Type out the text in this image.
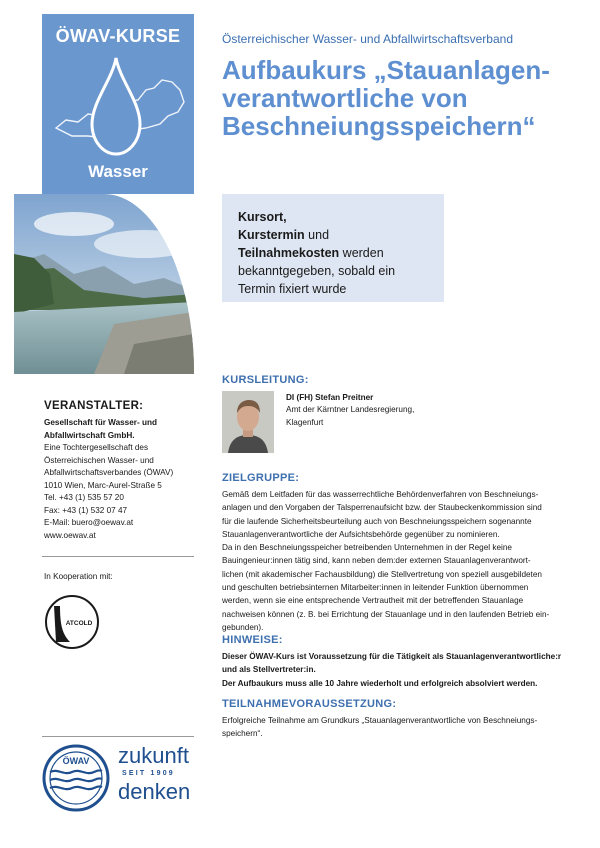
ÖWAV-KURSE
Wasser
Österreichischer Wasser- und Abfallwirtschaftsverband
Aufbaukurs „Stauanlagen-
verantwortliche von
Beschneiungsspeichern“
Kursort,
Kurstermin und
Teilnahmekosten werden
bekanntgegeben, sobald ein
Termin fixiert wurde
KURSLEITUNG:
DI (FH) Stefan Preitner
Amt der Kärntner Landesregierung,
Klagenfurt
ZIELGRUPPE:
Gemäß dem Leitfaden für das wasserrechtliche Behördenverfahren von Beschneiungs-
anlagen und den Vorgaben der Talsperrenaufsicht bzw. der Staubeckenkommission sind
für die laufende Sicherheitsbeurteilung auch von Beschneiungsspeichern sogenannte
Stauanlagenverantwortliche der Aufsichtsbehörde gegenüber zu nominieren.
Da in den Beschneiungsspeicher betreibenden Unternehmen in der Regel keine
Bauingenieur:innen tätig sind, kann neben dem:der externen Stauanlagenverantwort-
lichen (mit akademischer Fachausbildung) die Stellvertretung von speziell ausgebildeten
und geschulten betriebsinternen Mitarbeiter:innen in leitender Funktion übernommen
werden, wenn sie eine entsprechende Vertrautheit mit der betreffenden Stauanlage
nachweisen können (z. B. bei Errichtung der Stauanlage und in den laufenden Betrieb ein-
gebunden).
HINWEISE:
Dieser ÖWAV-Kurs ist Voraussetzung für die Tätigkeit als Stauanlagenverantwortliche:r
und als Stellvertreter:in.
Der Aufbaukurs muss alle 10 Jahre wiederholt und erfolgreich absolviert werden.
TEILNAHMEVORAUSSETZUNG:
Erfolgreiche Teilnahme am Grundkurs „Stauanlagenverantwortliche von Beschneiungs-
speichern“.
VERANSTALTER:
Gesellschaft für Wasser- und
Abfallwirtschaft GmbH.
Eine Tochtergesellschaft des
Österreichischen Wasser- und
Abfallwirtschaftsverbandes (ÖWAV)
1010 Wien, Marc-Aurel-Straße 5
Tel. +43 (1) 535 57 20
Fax: +43 (1) 532 07 47
E-Mail: buero@oewav.at
www.oewav.at
In Kooperation mit:
ATCOLD
ÖWAV zukunft
SEIT 1909
denken
